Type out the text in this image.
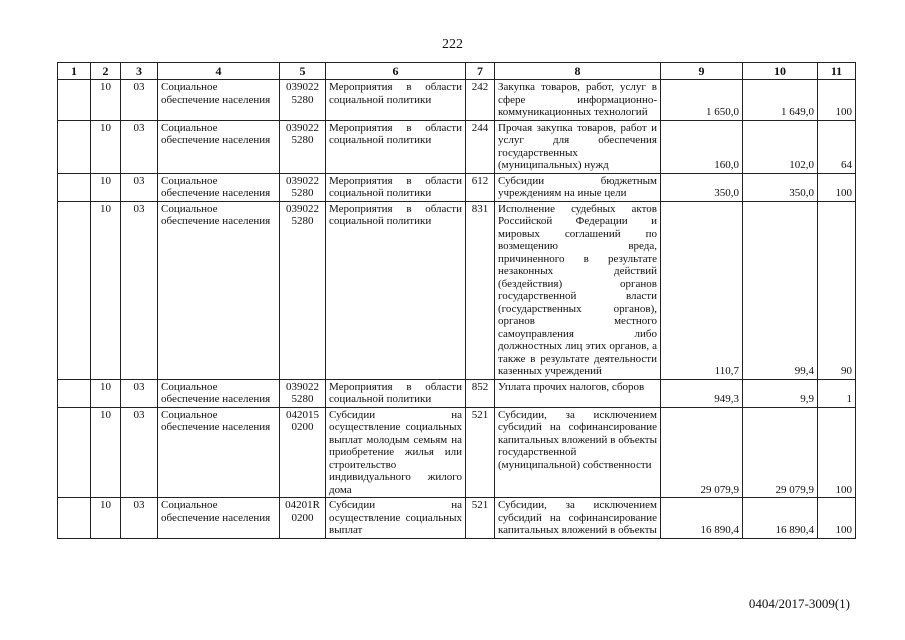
222
1	2	3	4	5	6	7	8	9	10	11
	10	03	Социальное обеспечение населения	039022 5280	Мероприятия в области социальной политики	242	Закупка товаров, работ, услуг в сфере информационно-коммуникационных технологий	1 650,0	1 649,0	100
	10	03	Социальное обеспечение населения	039022 5280	Мероприятия в области социальной политики	244	Прочая закупка товаров, работ и услуг для обеспечения государственных (муниципальных) нужд	160,0	102,0	64
	10	03	Социальное обеспечение населения	039022 5280	Мероприятия в области социальной политики	612	Субсидии бюджетным учреждениям на иные цели	350,0	350,0	100
	10	03	Социальное обеспечение населения	039022 5280	Мероприятия в области социальной политики	831	Исполнение судебных актов Российской Федерации и мировых соглашений по возмещению вреда, причиненного в результате незаконных действий (бездействия) органов государственной власти (государственных органов), органов местного самоуправления либо должностных лиц этих органов, а также в результате деятельности казенных учреждений	110,7	99,4	90
	10	03	Социальное обеспечение населения	039022 5280	Мероприятия в области социальной политики	852	Уплата прочих налогов, сборов	949,3	9,9	1
	10	03	Социальное обеспечение населения	042015 0200	Субсидии на осуществление социальных выплат молодым семьям на приобретение жилья или строительство индивидуального жилого дома	521	Субсидии, за исключением субсидий на софинансирование капитальных вложений в объекты государственной (муниципальной) собственности	29 079,9	29 079,9	100
	10	03	Социальное обеспечение населения	04201R 0200	Субсидии на осуществление социальных выплат	521	Субсидии, за исключением субсидий на софинансирование капитальных вложений в объекты	16 890,4	16 890,4	100
0404/2017-3009(1)
